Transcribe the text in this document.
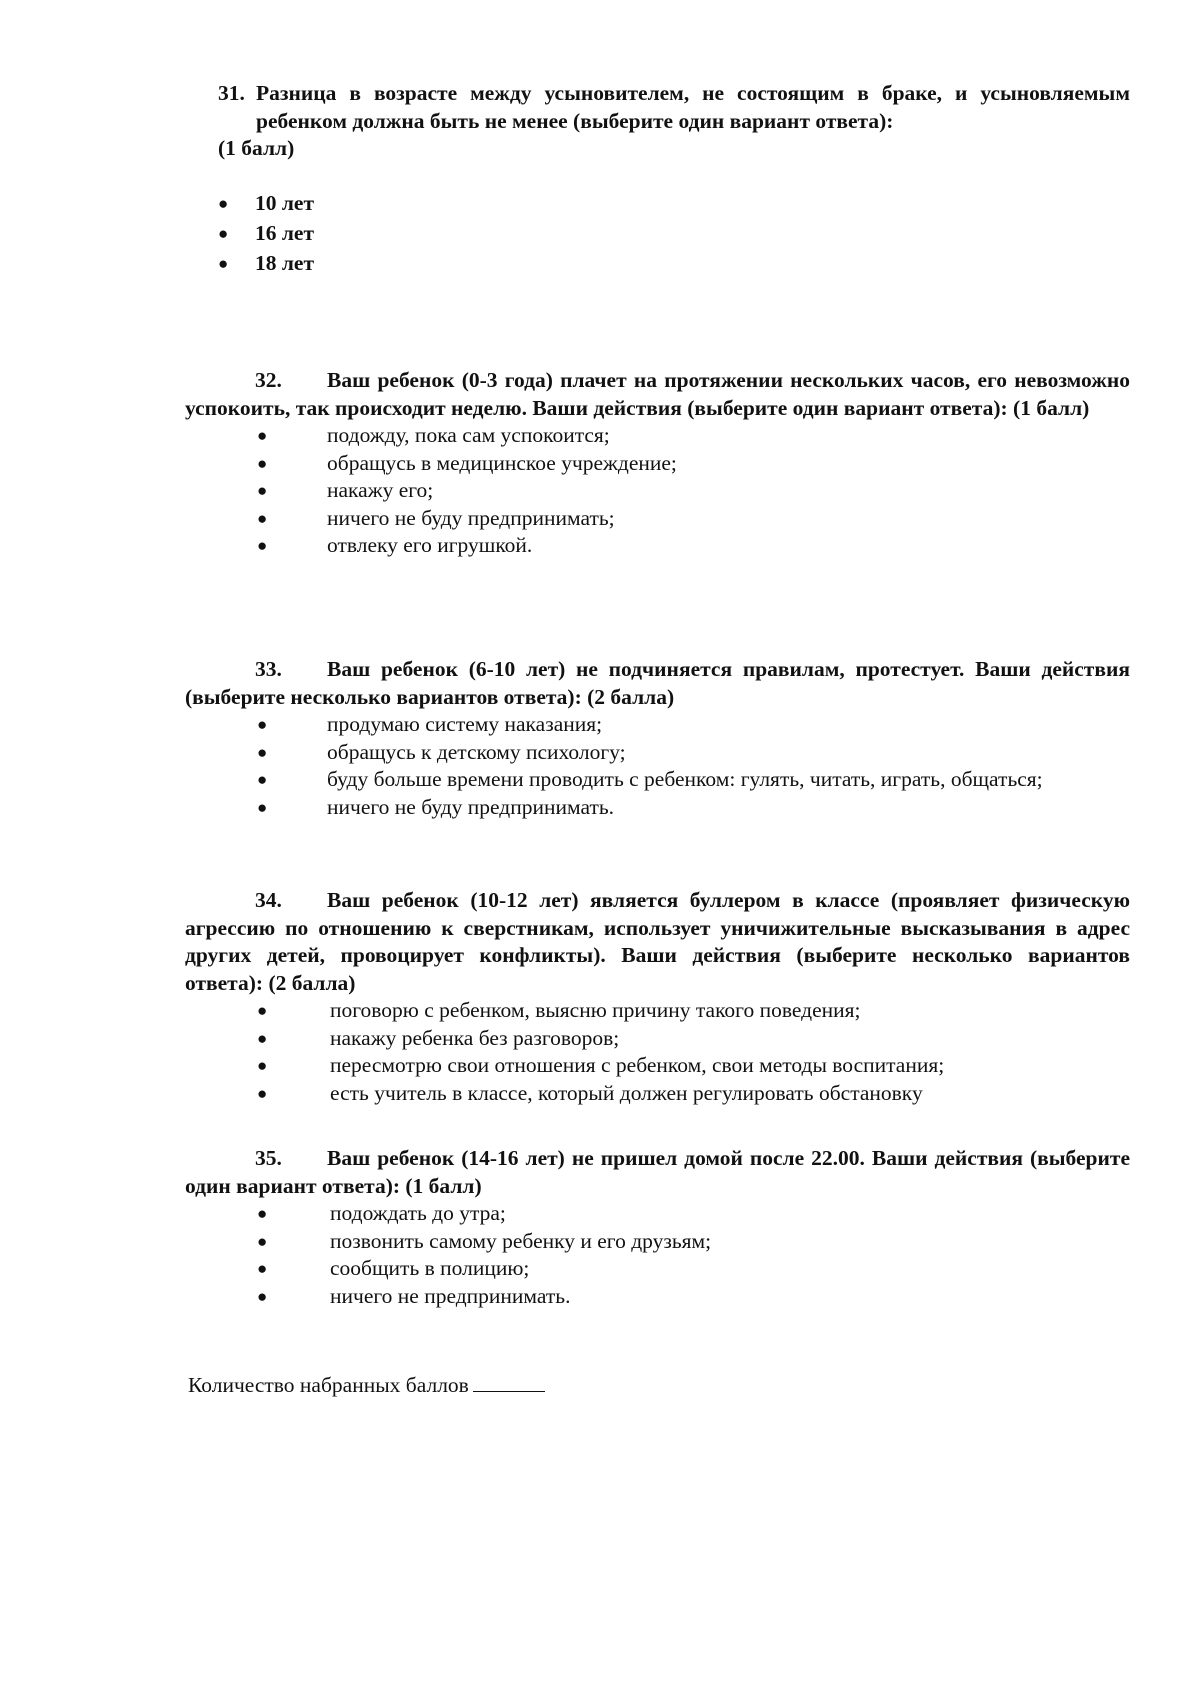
31. Разница в возрасте между усыновителем, не состоящим в браке, и усыновляемым ребенком должна быть не менее (выберите один вариант ответа):

(1 балл)
● 10 лет
● 16 лет
● 18 лет

32. Ваш ребенок (0-3 года) плачет на протяжении нескольких часов, его невозможно успокоить, так происходит неделю. Ваши действия (выберите один вариант ответа): (1 балл)

●	подожду, пока сам успокоится;
●	обращусь в медицинское учреждение;
●	накажу его;
●	ничего не буду предпринимать;
●	отвлеку его игрушкой.

33. Ваш ребенок (6-10 лет) не подчиняется правилам, протестует. Ваши действия (выберите несколько вариантов ответа): (2 балла)

●	продумаю систему наказания;
●	обращусь к детскому психологу;
●	буду больше времени проводить с ребенком: гулять, читать, играть, общаться;
●	ничего не буду предпринимать.

34. Ваш ребенок (10-12 лет) является буллером в классе (проявляет физическую агрессию по отношению к сверстникам, использует уничижительные высказывания в адрес других детей, провоцирует конфликты). Ваши действия (выберите несколько вариантов ответа): (2 балла)

●	поговорю с ребенком, выясню причину такого поведения;
●	накажу ребенка без разговоров;
●	пересмотрю свои отношения с ребенком, свои методы воспитания;
●	есть учитель в классе, который должен регулировать обстановку

35. Ваш ребенок (14-16 лет) не пришел домой после 22.00. Ваши действия (выберите один вариант ответа): (1 балл)

●	подождать до утра;
●	позвонить самому ребенку и его друзьям;
●	сообщить в полицию;
●	ничего не предпринимать.
Количество набранных баллов
